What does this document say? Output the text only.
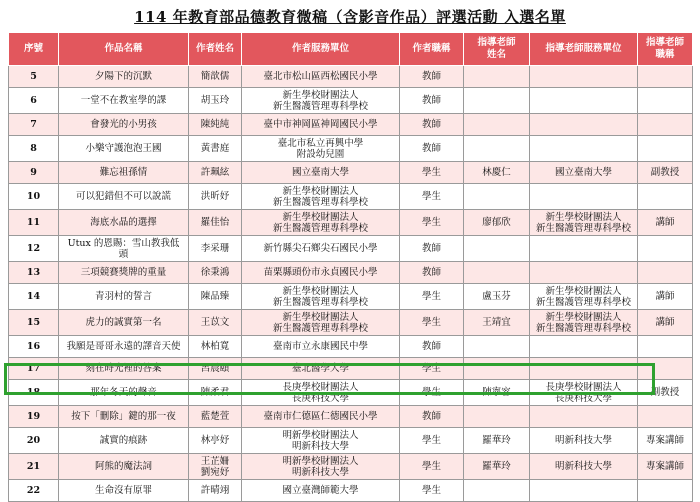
114 年教育部品德教育微稿（含影音作品）評選活動 入選名單
序號	作品名稱	作者姓名	作者服務單位	作者職稱	指導老師
姓名	指導老師服務單位	指導老師
職稱
5	夕陽下的沉默	簡歆儒	臺北市松山區西松國民小學	教師			
6	一堂不在教室學的課	胡玉玲	新生學校財團法人
新生醫護管理專科學校	教師			
7	會發光的小男孩	陳純純	臺中市神岡區神岡國民小學	教師			
8	小樂守護泡泡王國	黃書庭	臺北市私立再興中學
附設幼兒園	教師			
9	難忘祖孫情	許珮絃	國立臺南大學	學生	林慶仁	國立臺南大學	副教授
10	可以犯錯但不可以說謊	洪昕妤	新生學校財團法人
新生醫護管理專科學校	學生			
11	海底水晶的選擇	羅佳怡	新生學校財團法人
新生醫護管理專科學校	學生	廖郁欣	新生學校財團法人
新生醫護管理專科學校	講師
12	Utux 的恩賜：雪山教我低
頭	李采珊	新竹縣尖石鄉尖石國民小學	教師			
13	三項競賽獎牌的重量	徐秉鴻	苗栗縣頭份市永貞國民小學	教師			
14	青羽村的誓言	陳品臻	新生學校財團法人
新生醫護管理專科學校	學生	盧玉芬	新生學校財團法人
新生醫護管理專科學校	講師
15	虎力的誠實第一名	王苡文	新生學校財團法人
新生醫護管理專科學校	學生	王靖宜	新生學校財團法人
新生醫護管理專科學校	講師
16	我願是哥哥永遠的譯音天使	林柏寬	臺南市立永康國民中學	教師			
17	刻在時光裡的答案	呂晨頤	臺北醫學大學	學生			
18	那年冬天的聲音	陳柔君	長庚學校財團法人
長庚科技大學	學生	陳寧容	長庚學校財團法人
長庚科技大學	副教授
19	按下「刪除」鍵的那一夜	藍楚萱	臺南市仁德區仁德國民小學	教師			
20	誠實的痕跡	林亭妤	明新學校財團法人
明新科技大學	學生	羅華玲	明新科技大學	專案講師
21	阿熊的魔法詞	王芷姍
劉宛妤	明新學校財團法人
明新科技大學	學生	羅華玲	明新科技大學	專案講師
22	生命沒有原罪	許晴翊	國立臺灣師範大學	學生			
